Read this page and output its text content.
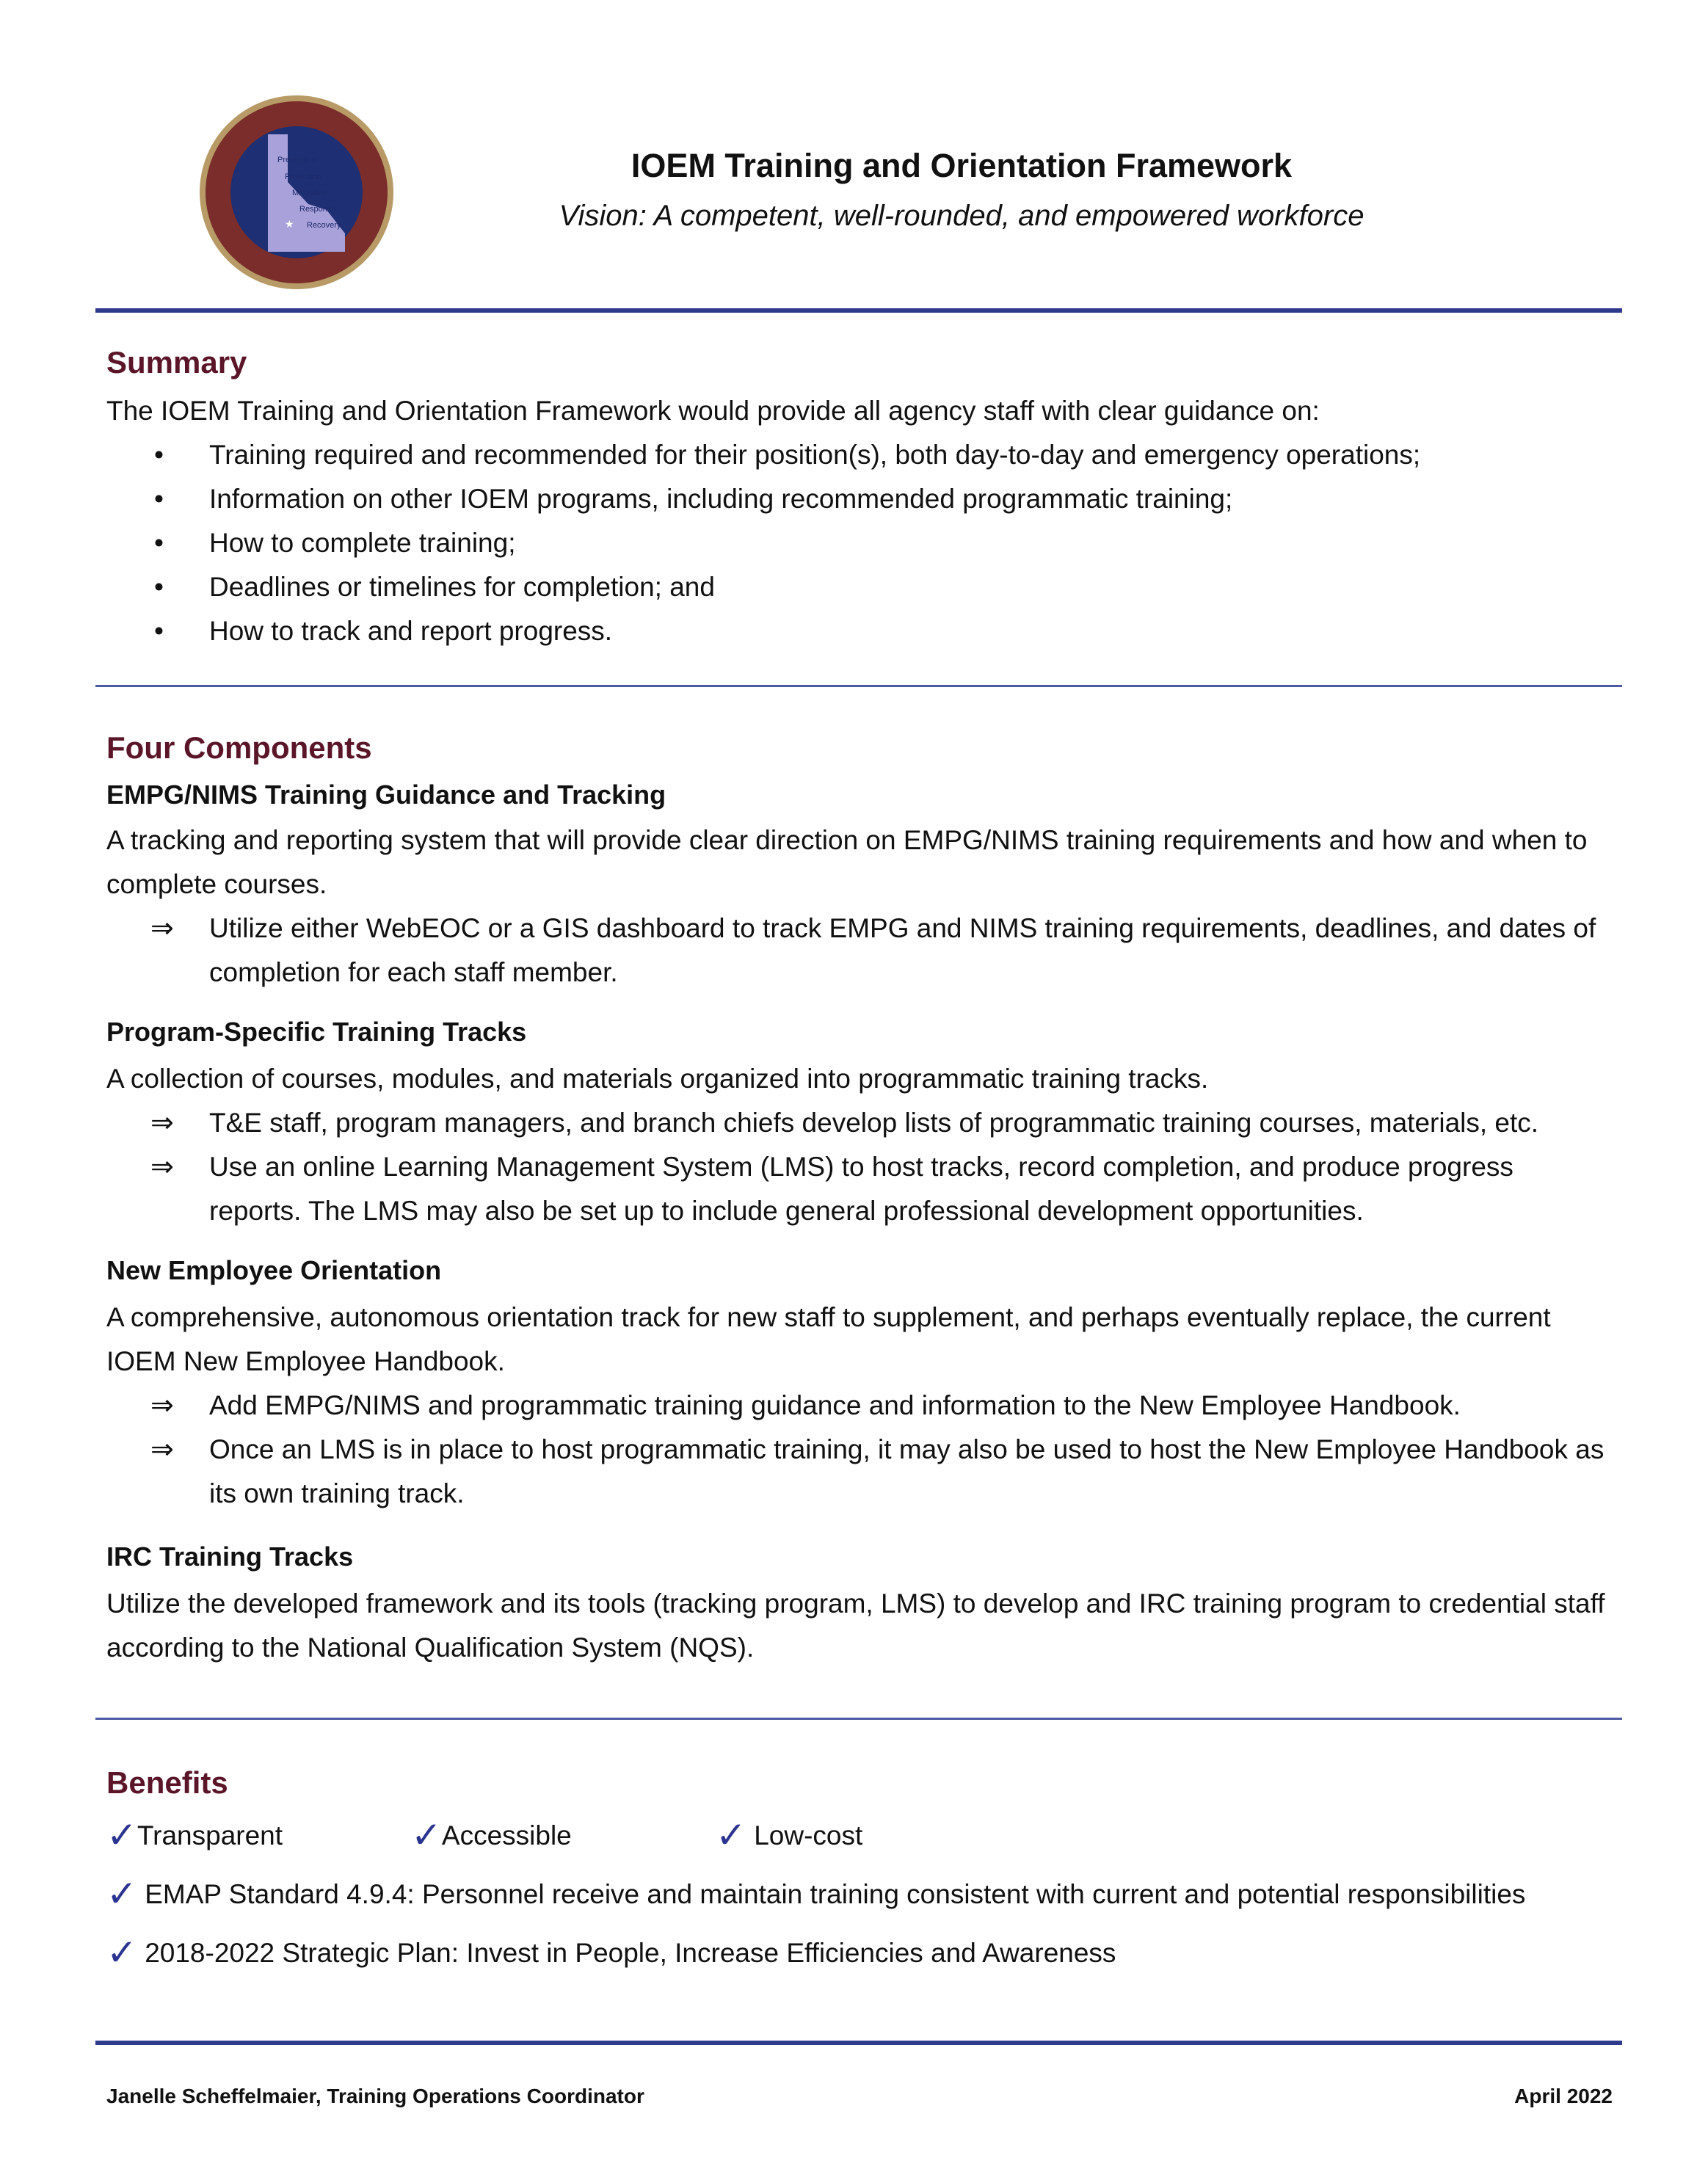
Prevention
Protection
Mitigation
Response
Recovery
★
IOEM Training and Orientation Framework
Vision: A competent, well-rounded, and empowered workforce
Summary
The IOEM Training and Orientation Framework would provide all agency staff with clear guidance on:
•	Training required and recommended for their position(s), both day-to-day and emergency operations;
•	Information on other IOEM programs, including recommended programmatic training;
•	How to complete training;
•	Deadlines or timelines for completion; and
•	How to track and report progress.
Four Components
EMPG/NIMS Training Guidance and Tracking
A tracking and reporting system that will provide clear direction on EMPG/NIMS training requirements and how and when to complete courses.
⇒	Utilize either WebEOC or a GIS dashboard to track EMPG and NIMS training requirements, deadlines, and dates of completion for each staff member.
Program-Specific Training Tracks
A collection of courses, modules, and materials organized into programmatic training tracks.
⇒	T&E staff, program managers, and branch chiefs develop lists of programmatic training courses, materials, etc.
⇒	Use an online Learning Management System (LMS) to host tracks, record completion, and produce progress reports. The LMS may also be set up to include general professional development opportunities.
New Employee Orientation
A comprehensive, autonomous orientation track for new staff to supplement, and perhaps eventually replace, the current IOEM New Employee Handbook.
⇒	Add EMPG/NIMS and programmatic training guidance and information to the New Employee Handbook.
⇒	Once an LMS is in place to host programmatic training, it may also be used to host the New Employee Handbook as its own training track.
IRC Training Tracks
Utilize the developed framework and its tools (tracking program, LMS) to develop and IRC training program to credential staff according to the National Qualification System (NQS).
Benefits
✓Transparent	✓Accessible	✓ Low-cost
✓ EMAP Standard 4.9.4: Personnel receive and maintain training consistent with current and potential responsibilities
✓ 2018-2022 Strategic Plan: Invest in People, Increase Efficiencies and Awareness
Janelle Scheffelmaier, Training Operations Coordinator	April 2022
